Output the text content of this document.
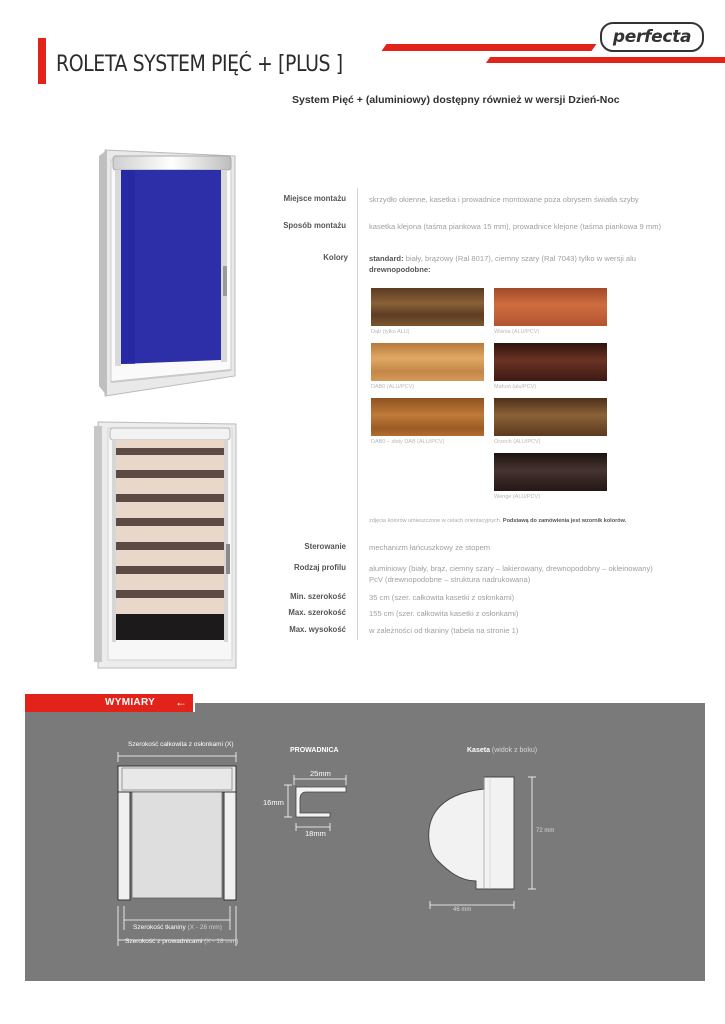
ROLETA SYSTEM PIĘĆ + [PLUS ]
perfecta
System Pięć + (aluminiowy) dostępny również w wersji Dzień-Noc
Miejsce montażu	skrzydło okienne, kasetka i prowadnice montowane poza obrysem światła szyby
Sposób montażu	kasetka klejona (taśma piankowa 15 mm), prowadnice klejone (taśma piankowa 9 mm)
Kolory	standard: biały, brązowy (Ral 8017), ciemny szary (Ral 7043) tylko w wersji alu
drewnopodobne:
Dąb (tylko ALU)	Wiśnia (ALU/PCV)
DAB0 (ALU/PCV)	Mahoń (alu/PCV)
DAB0 – złoty DAB (ALU/PCV)	Orzech (ALU/PCV)
Wenge (ALU/PCV)
zdjęcia kolorów umieszczone w celach orientacyjnych. Podstawą do zamówienia jest wzornik kolorów.
Sterowanie	mechanizm łańcuszkowy ze stopem
Rodzaj profilu	aluminiowy (biały, brąz, ciemny szary – lakierowany, drewnopodobny – okleinowany)
PcV (drewnopodobne – struktura nadrukowana)
Min. szerokość	35 cm (szer. całkowita kasetki z osłonkami)
Max. szerokość	155 cm (szer. całkowita kasetki z osłonkami)
Max. wysokość	w zależności od tkaniny (tabela na stronie 1)
WYMIARY ←
Szerokość całkowita z osłonkami (X)
Szerokość tkaniny (X - 26 mm)
Szerokość z prowadnicami (X - 18 mm)
PROWADNICA
25mm
16mm
18mm
Kaseta (widok z boku)
72 mm
46 mm
